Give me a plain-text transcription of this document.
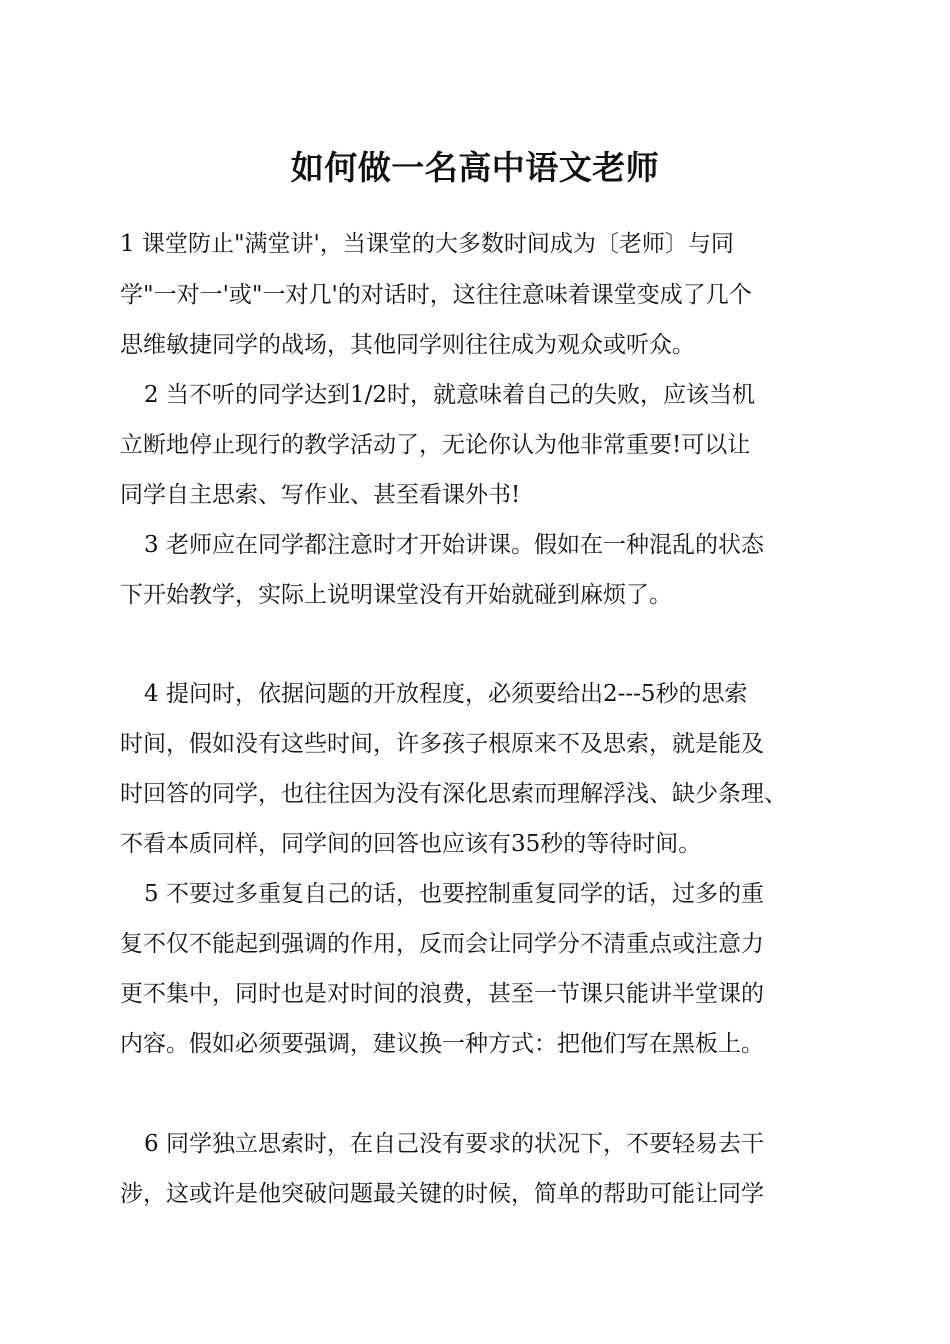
如何做一名高中语文老师
1 课堂防止"满堂讲'，当课堂的大多数时间成为〔老师〕与同
学"一对一'或"一对几'的对话时，这往往意味着课堂变成了几个
思维敏捷同学的战场，其他同学则往往成为观众或听众。
2 当不听的同学达到1/2时，就意味着自己的失败，应该当机
立断地停止现行的教学活动了，无论你认为他非常重要!可以让
同学自主思索、写作业、甚至看课外书!
3 老师应在同学都注意时才开始讲课。假如在一种混乱的状态
下开始教学，实际上说明课堂没有开始就碰到麻烦了。
4 提问时，依据问题的开放程度，必须要给出2---5秒的思索
时间，假如没有这些时间，许多孩子根原来不及思索，就是能及
时回答的同学，也往往因为没有深化思索而理解浮浅、缺少条理、
不看本质同样，同学间的回答也应该有35秒的等待时间。
5 不要过多重复自己的话，也要控制重复同学的话，过多的重
复不仅不能起到强调的作用，反而会让同学分不清重点或注意力
更不集中，同时也是对时间的浪费，甚至一节课只能讲半堂课的
内容。假如必须要强调，建议换一种方式：把他们写在黑板上。
6 同学独立思索时，在自己没有要求的状况下，不要轻易去干
涉，这或许是他突破问题最关键的时候，简单的帮助可能让同学
